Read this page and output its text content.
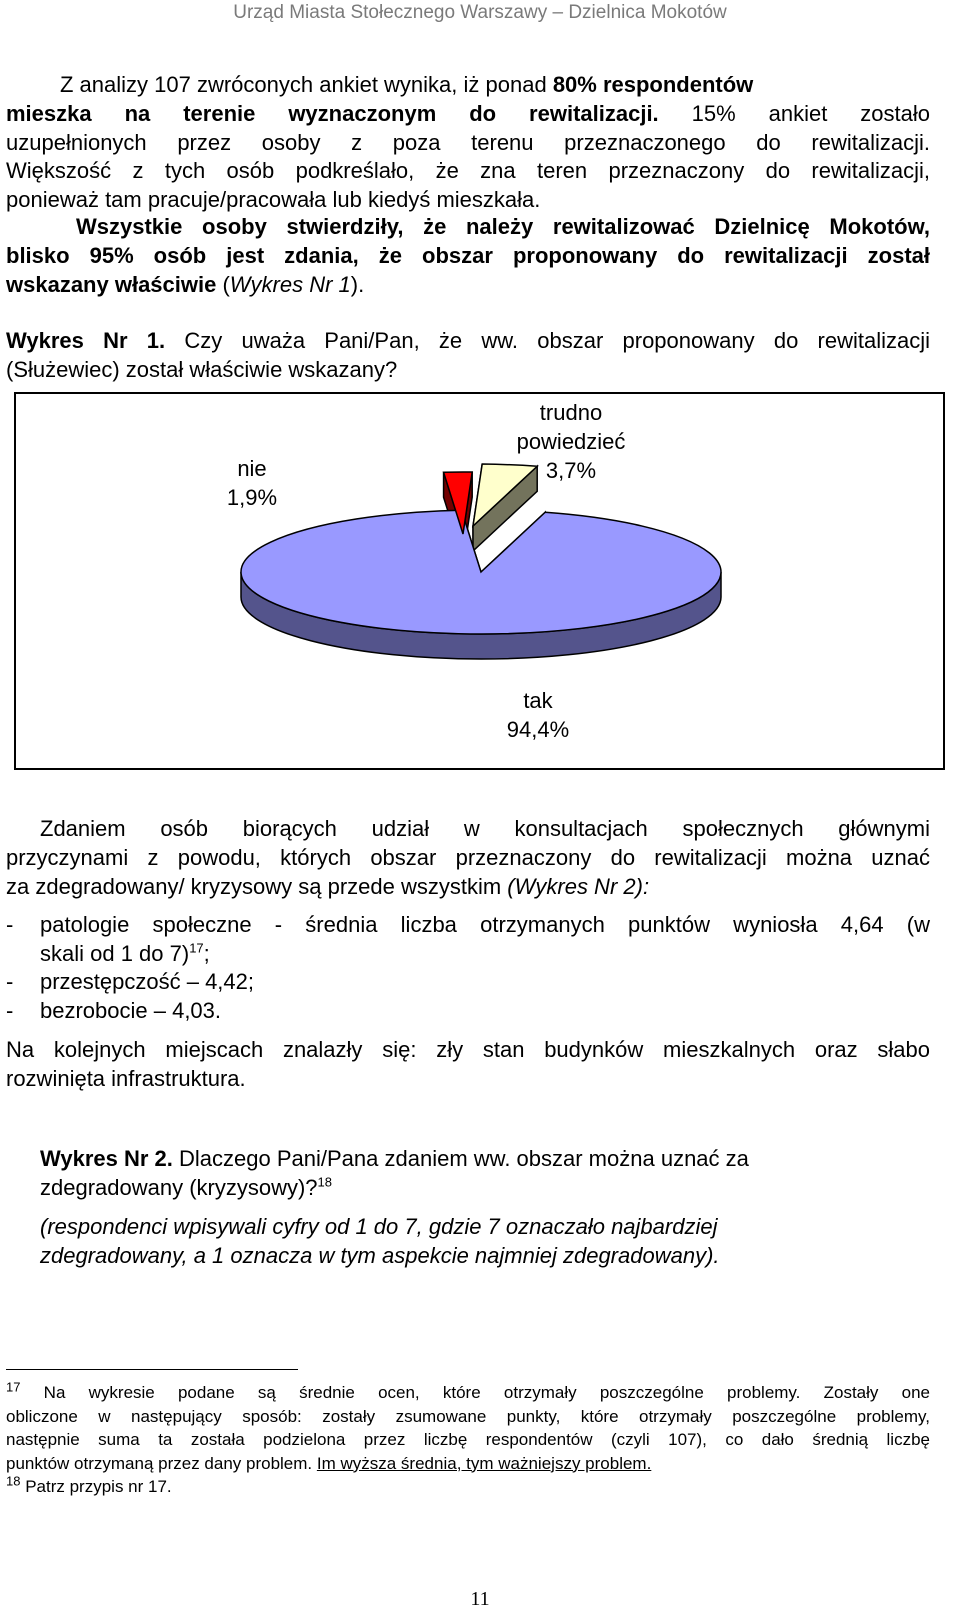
Urząd Miasta Stołecznego Warszawy – Dzielnica Mokotów
Z analizy 107 zwróconych ankiet wynika, iż ponad 80% respondentów
mieszka na terenie wyznaczonym do rewitalizacji. 15% ankiet zostało
uzupełnionych przez osoby z poza terenu przeznaczonego do rewitalizacji.
Większość z tych osób podkreślało, że zna teren przeznaczony do rewitalizacji,
ponieważ tam pracuje/pracowała lub kiedyś mieszkała.
Wszystkie osoby stwierdziły, że należy rewitalizować Dzielnicę Mokotów,
blisko 95% osób jest zdania, że obszar proponowany do rewitalizacji został
wskazany właściwie (Wykres Nr 1).
Wykres Nr 1. Czy uważa Pani/Pan, że ww. obszar proponowany do rewitalizacji
(Służewiec) został właściwie wskazany?
nie
1,9%
trudno
powiedzieć
3,7%
tak
94,4%
Zdaniem osób biorących udział w konsultacjach społecznych głównymi
przyczynami z powodu, których obszar przeznaczony do rewitalizacji można uznać
za zdegradowany/ kryzysowy są przede wszystkim (Wykres Nr 2):
- patologie społeczne - średnia liczba otrzymanych punktów wyniosła 4,64 (w
skali od 1 do 7)$^{17}$;
- przestępczość – 4,42;
- bezrobocie – 4,03.
Na kolejnych miejscach znalazły się: zły stan budynków mieszkalnych oraz słabo
rozwinięta infrastruktura.
Wykres Nr 2. Dlaczego Pani/Pana zdaniem ww. obszar można uznać za
zdegradowany (kryzysowy)?$^{18}$
(respondenci wpisywali cyfry od 1 do 7, gdzie 7 oznaczało najbardziej
zdegradowany, a 1 oznacza w tym aspekcie najmniej zdegradowany).
$^{17}$ Na wykresie podane są średnie ocen, które otrzymały poszczególne problemy. Zostały one
obliczone w następujący sposób: zostały zsumowane punkty, które otrzymały poszczególne problemy,
następnie suma ta została podzielona przez liczbę respondentów (czyli 107), co dało średnią liczbę
punktów otrzymaną przez dany problem. Im wyższa średnia, tym ważniejszy problem.
$^{18}$ Patrz przypis nr 17.
11
